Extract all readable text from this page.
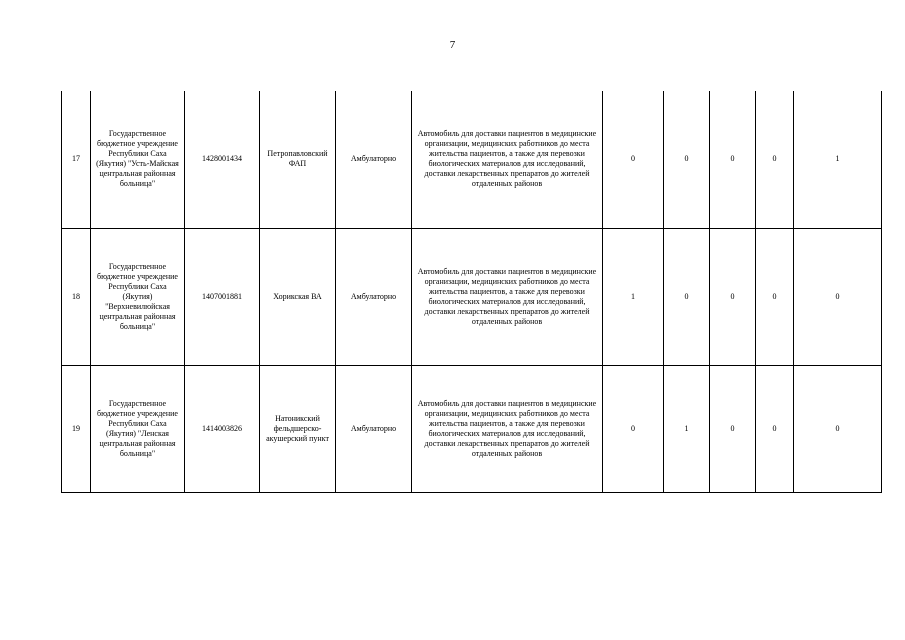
7
17	Государственное бюджетное учреждение Республики Саха (Якутия) "Усть-Майская центральная районная больница"	1428001434	Петропавловский ФАП	Амбулаторно	Автомобиль для доставки пациентов в медицинские организации, медицинских работников до места жительства пациентов, а также для перевозки биологических материалов для исследований, доставки лекарственных препаратов до жителей отдаленных районов	0	0	0	0	1
18	Государственное бюджетное учреждение Республики Саха (Якутия) "Верхневилюйская центральная районная больница"	1407001881	Хорикская ВА	Амбулаторно	Автомобиль для доставки пациентов в медицинские организации, медицинских работников до места жительства пациентов, а также для перевозки биологических материалов для исследований, доставки лекарственных препаратов до жителей отдаленных районов	1	0	0	0	0
19	Государственное бюджетное учреждение Республики Саха (Якутия) "Ленская центральная районная больница"	1414003826	Натоникский фельдшерско-акушерский пункт	Амбулаторно	Автомобиль для доставки пациентов в медицинские организации, медицинских работников до места жительства пациентов, а также для перевозки биологических материалов для исследований, доставки лекарственных препаратов до жителей отдаленных районов	0	1	0	0	0
